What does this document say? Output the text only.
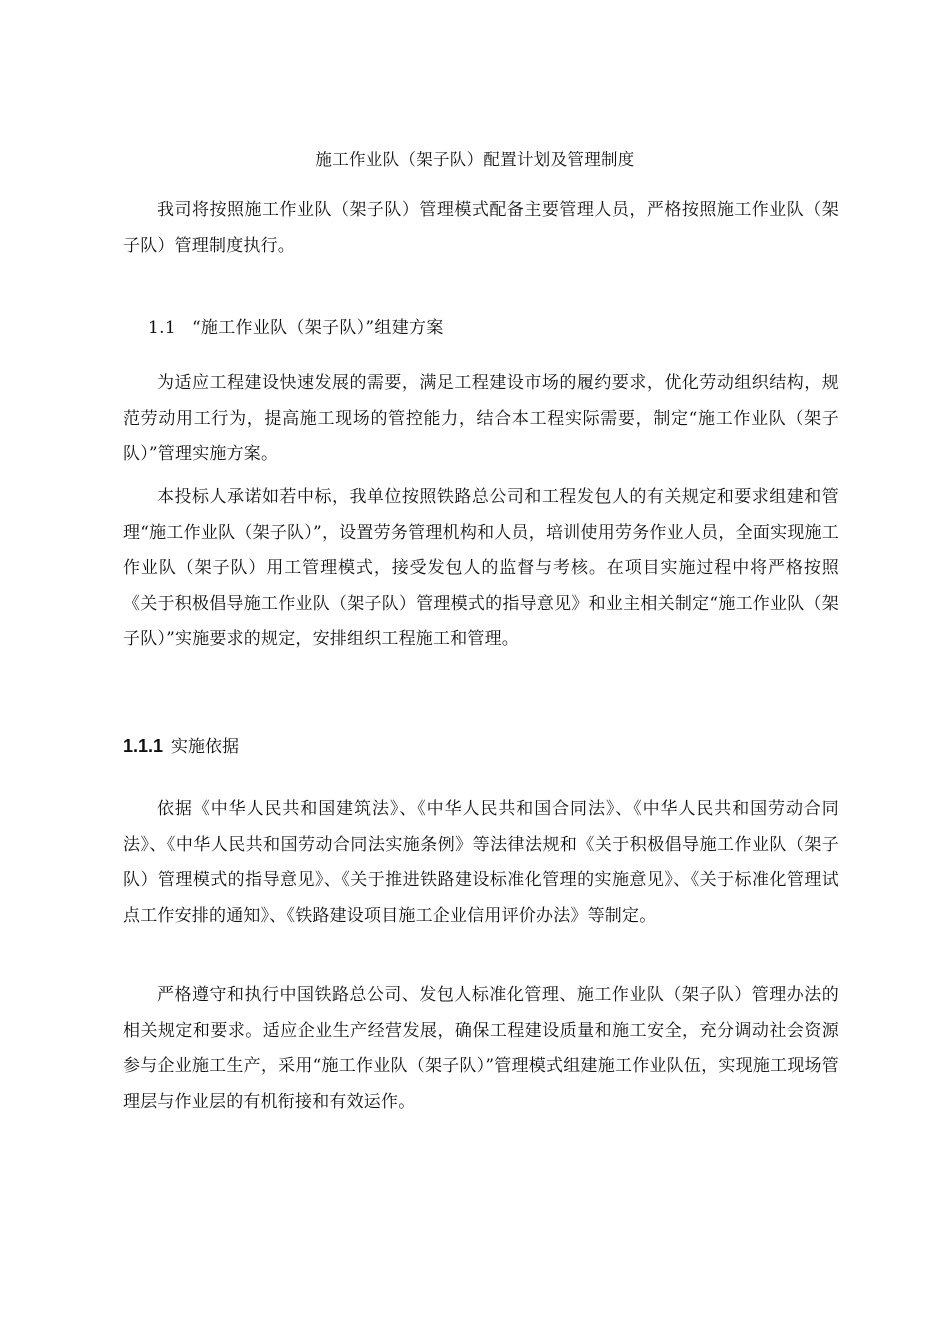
施工作业队（架子队）配置计划及管理制度

我司将按照施工作业队（架子队）管理模式配备主要管理人员，严格按照施工作业队（架子队）管理制度执行。

1.1 “施工作业队（架子队）”组建方案

为适应工程建设快速发展的需要，满足工程建设市场的履约要求，优化劳动组织结构，规范劳动用工行为，提高施工现场的管控能力，结合本工程实际需要，制定“施工作业队（架子队）”管理实施方案。

本投标人承诺如若中标，我单位按照铁路总公司和工程发包人的有关规定和要求组建和管理“施工作业队（架子队）”，设置劳务管理机构和人员，培训使用劳务作业人员，全面实现施工作业队（架子队）用工管理模式，接受发包人的监督与考核。在项目实施过程中将严格按照《关于积极倡导施工作业队（架子队）管理模式的指导意见》和业主相关制定“施工作业队（架子队）”实施要求的规定，安排组织工程施工和管理。

1.1.1 实施依据

依据《中华人民共和国建筑法》、《中华人民共和国合同法》、《中华人民共和国劳动合同法》、《中华人民共和国劳动合同法实施条例》等法律法规和《关于积极倡导施工作业队（架子队）管理模式的指导意见》、《关于推进铁路建设标准化管理的实施意见》、《关于标准化管理试点工作安排的通知》、《铁路建设项目施工企业信用评价办法》等制定。

严格遵守和执行中国铁路总公司、发包人标准化管理、施工作业队（架子队）管理办法的相关规定和要求。适应企业生产经营发展，确保工程建设质量和施工安全，充分调动社会资源参与企业施工生产，采用“施工作业队（架子队）”管理模式组建施工作业队伍，实现施工现场管理层与作业层的有机衔接和有效运作。
